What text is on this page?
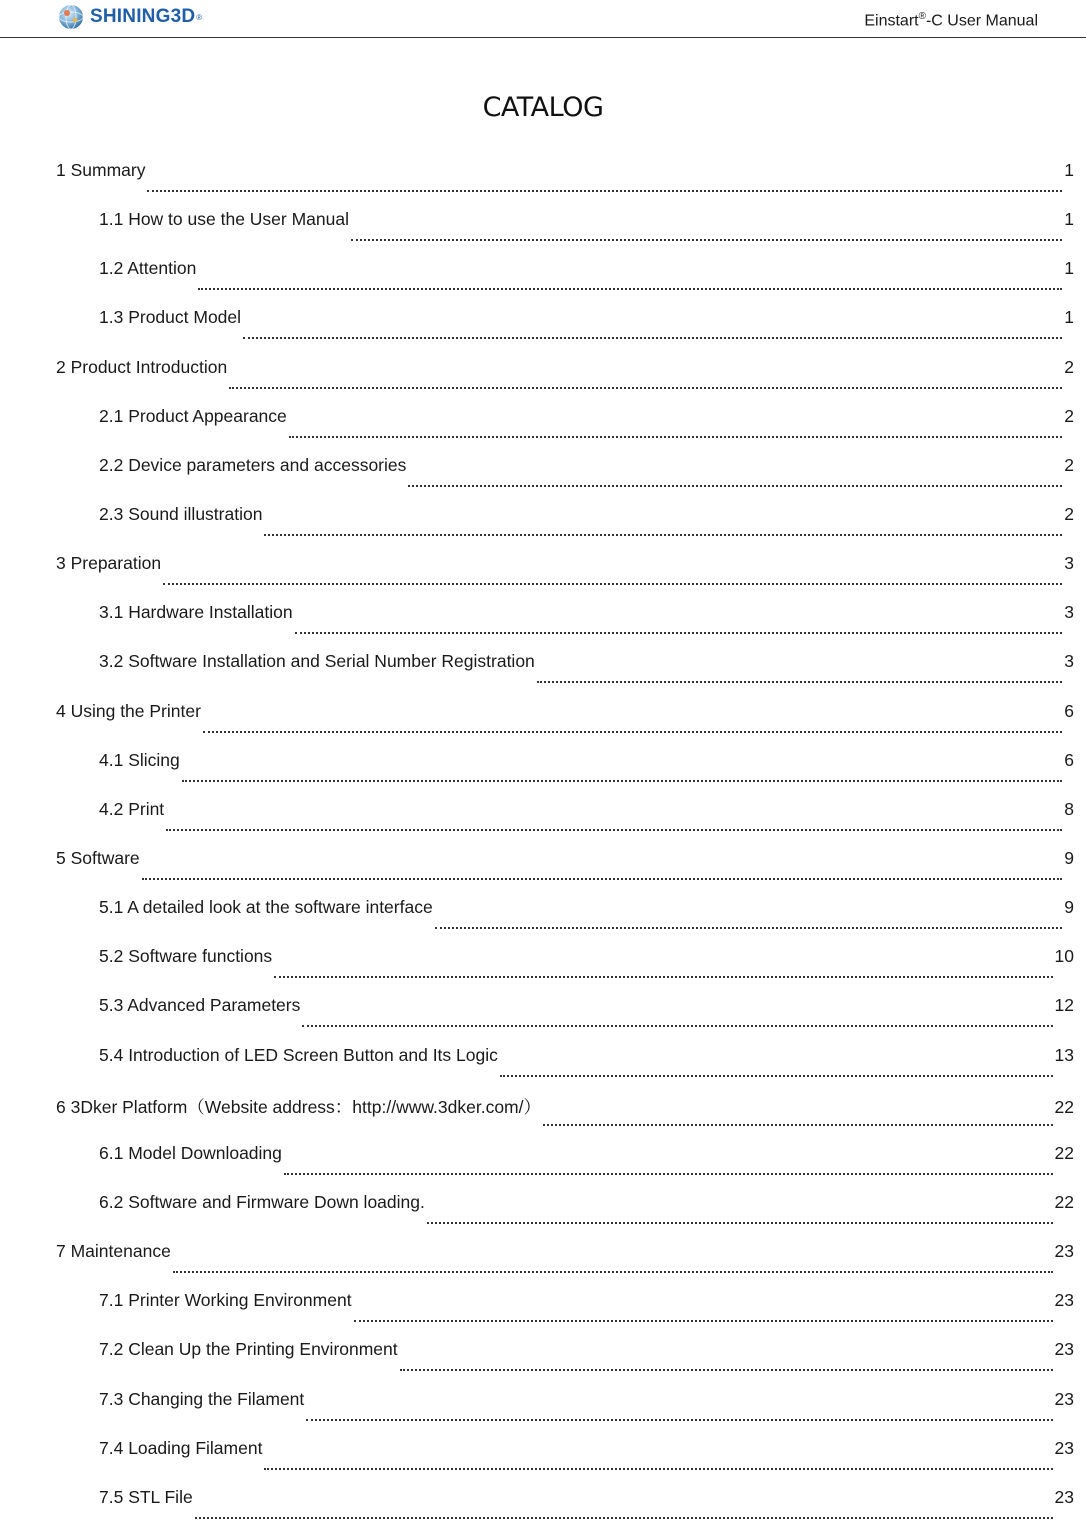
SHINING3D ®	Einstart®-C User Manual
CATALOG
1 Summary	1
1.1 How to use the User Manual	1
1.2 Attention	1
1.3 Product Model	1
2 Product Introduction	2
2.1 Product Appearance	2
2.2 Device parameters and accessories	2
2.3 Sound illustration	2
3 Preparation	3
3.1 Hardware Installation	3
3.2 Software Installation and Serial Number Registration	3
4 Using the Printer	6
4.1 Slicing	6
4.2 Print	8
5 Software	9
5.1 A detailed look at the software interface	9
5.2 Software functions	10
5.3 Advanced Parameters	12
5.4 Introduction of LED Screen Button and Its Logic	13
6 3Dker Platform（Website address：http://www.3dker.com/）	22
6.1 Model Downloading	22
6.2 Software and Firmware Down loading.	22
7 Maintenance	23
7.1 Printer Working Environment	23
7.2 Clean Up the Printing Environment	23
7.3 Changing the Filament	23
7.4 Loading Filament	23
7.5 STL File	23
